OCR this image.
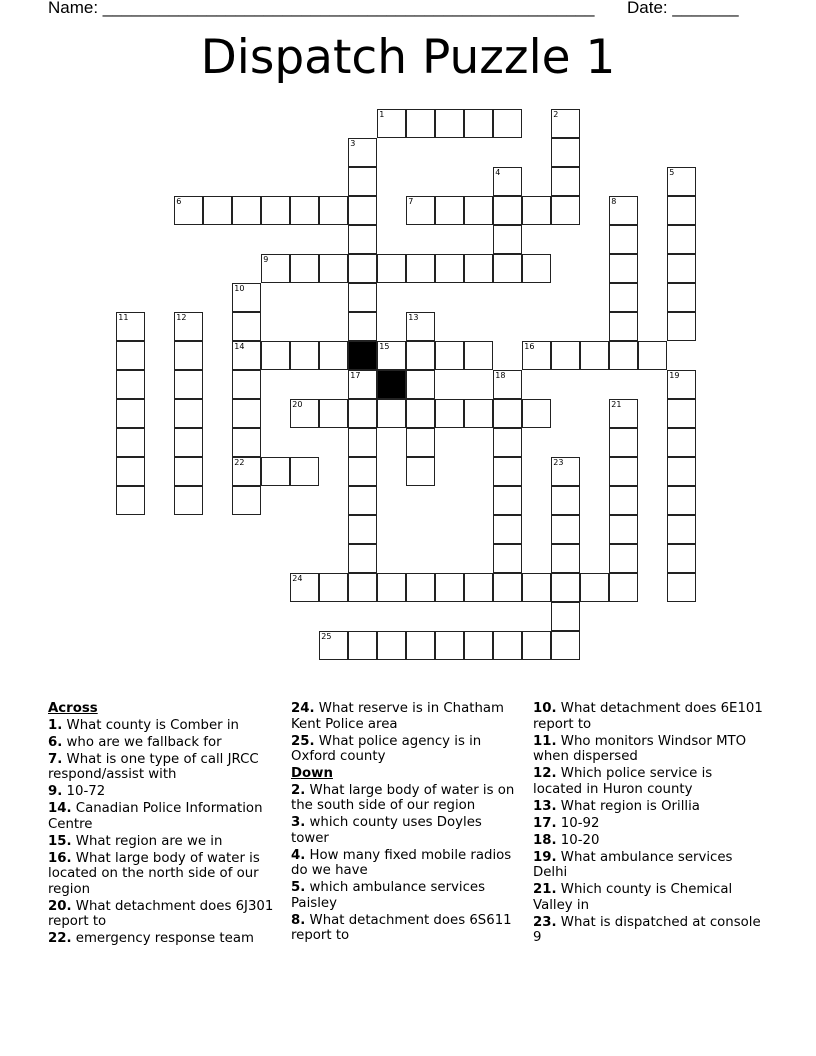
Name: ____________________________________________________ Date: _______
Dispatch Puzzle 1
1	2
3
4	5
6	7	8
9
10
14
22
11	12	13
15	16
17	18	19
20	21
23
24
25
Across
1. What county is Comber in
6. who are we fallback for
7. What is one type of call JRCC respond/assist with
9. 10-72
14. Canadian Police Information Centre
15. What region are we in
16. What large body of water is located on the north side of our region
20. What detachment does 6J301 report to
22. emergency response team
24. What reserve is in Chatham Kent Police area
25. What police agency is in Oxford county
Down
2. What large body of water is on the south side of our region
3. which county uses Doyles tower
4. How many fixed mobile radios do we have
5. which ambulance services Paisley
8. What detachment does 6S611 report to
10. What detachment does 6E101 report to
11. Who monitors Windsor MTO when dispersed
12. Which police service is located in Huron county
13. What region is Orillia
17. 10-92
18. 10-20
19. What ambulance services Delhi
21. Which county is Chemical Valley in
23. What is dispatched at console 9
